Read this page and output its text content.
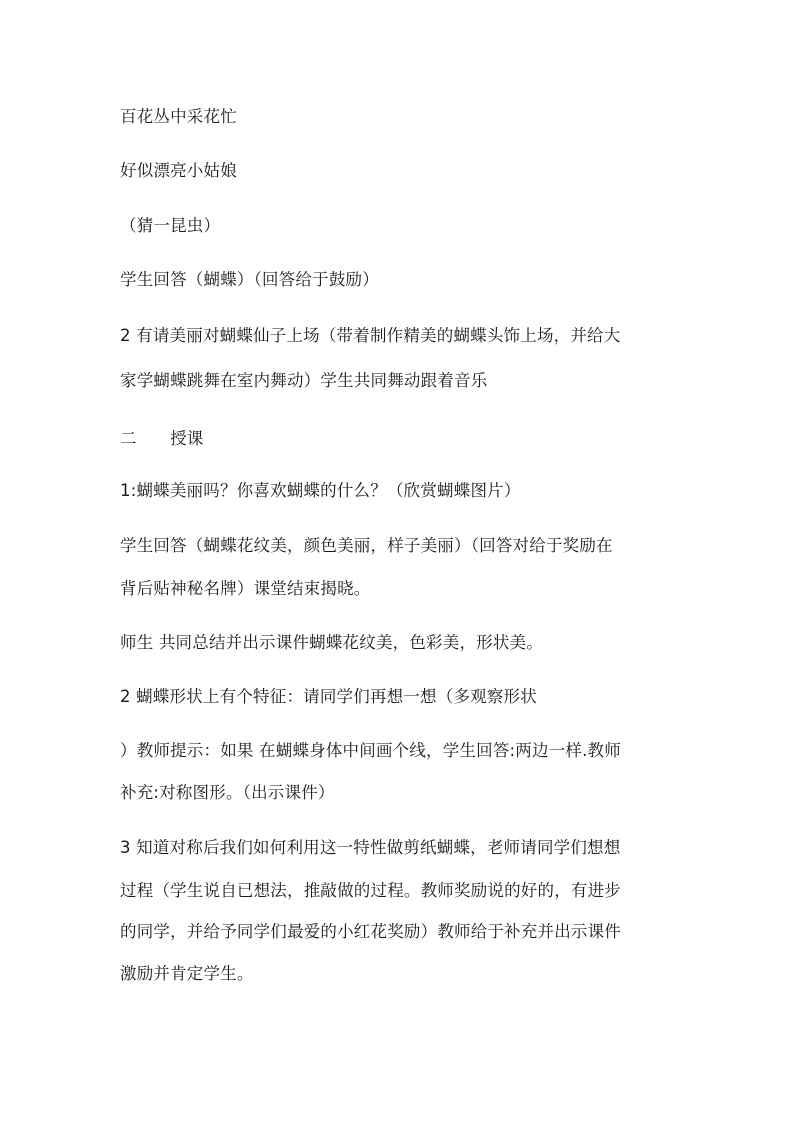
百花丛中采花忙
好似漂亮小姑娘
（猜一昆虫）
学生回答（蝴蝶）（回答给于鼓励）
2 有请美丽对蝴蝶仙子上场（带着制作精美的蝴蝶头饰上场，并给大
家学蝴蝶跳舞在室内舞动）学生共同舞动跟着音乐
二　　授课
1:蝴蝶美丽吗？你喜欢蝴蝶的什么？（欣赏蝴蝶图片）
学生回答（蝴蝶花纹美，颜色美丽，样子美丽）（回答对给于奖励在
背后贴神秘名牌）课堂结束揭晓。
师生 共同总结并出示课件蝴蝶花纹美，色彩美，形状美。
2 蝴蝶形状上有个特征：请同学们再想一想（多观察形状
）教师提示：如果 在蝴蝶身体中间画个线，学生回答:两边一样.教师
补充:对称图形。（出示课件）
3 知道对称后我们如何利用这一特性做剪纸蝴蝶，老师请同学们想想
过程（学生说自已想法，推敲做的过程。教师奖励说的好的，有进步
的同学，并给予同学们最爱的小红花奖励）教师给于补充并出示课件
激励并肯定学生。
